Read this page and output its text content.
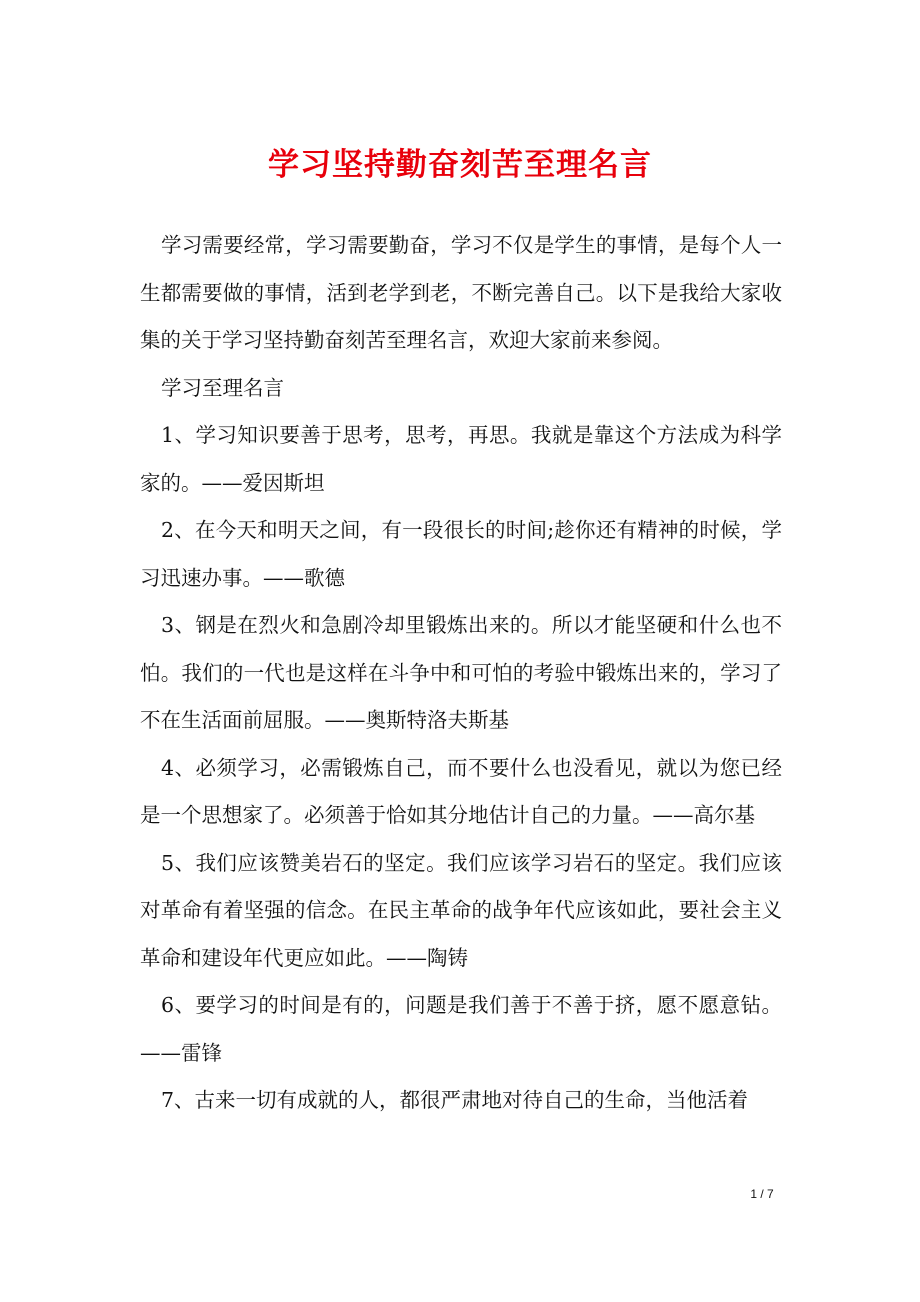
学习坚持勤奋刻苦至理名言

学习需要经常，学习需要勤奋，学习不仅是学生的事情，是每个人一生都需要做的事情，活到老学到老，不断完善自己。以下是我给大家收集的关于学习坚持勤奋刻苦至理名言，欢迎大家前来参阅。

学习至理名言

1、学习知识要善于思考，思考，再思。我就是靠这个方法成为科学家的。——爱因斯坦

2、在今天和明天之间，有一段很长的时间;趁你还有精神的时候，学习迅速办事。——歌德

3、钢是在烈火和急剧冷却里锻炼出来的。所以才能坚硬和什么也不怕。我们的一代也是这样在斗争中和可怕的考验中锻炼出来的，学习了不在生活面前屈服。——奥斯特洛夫斯基

4、必须学习，必需锻炼自己，而不要什么也没看见，就以为您已经是一个思想家了。必须善于恰如其分地估计自己的力量。——高尔基

5、我们应该赞美岩石的坚定。我们应该学习岩石的坚定。我们应该对革命有着坚强的信念。在民主革命的战争年代应该如此，要社会主义革命和建设年代更应如此。——陶铸

6、要学习的时间是有的，问题是我们善于不善于挤，愿不愿意钻。——雷锋

7、古来一切有成就的人，都很严肃地对待自己的生命，当他活着

1 / 7
